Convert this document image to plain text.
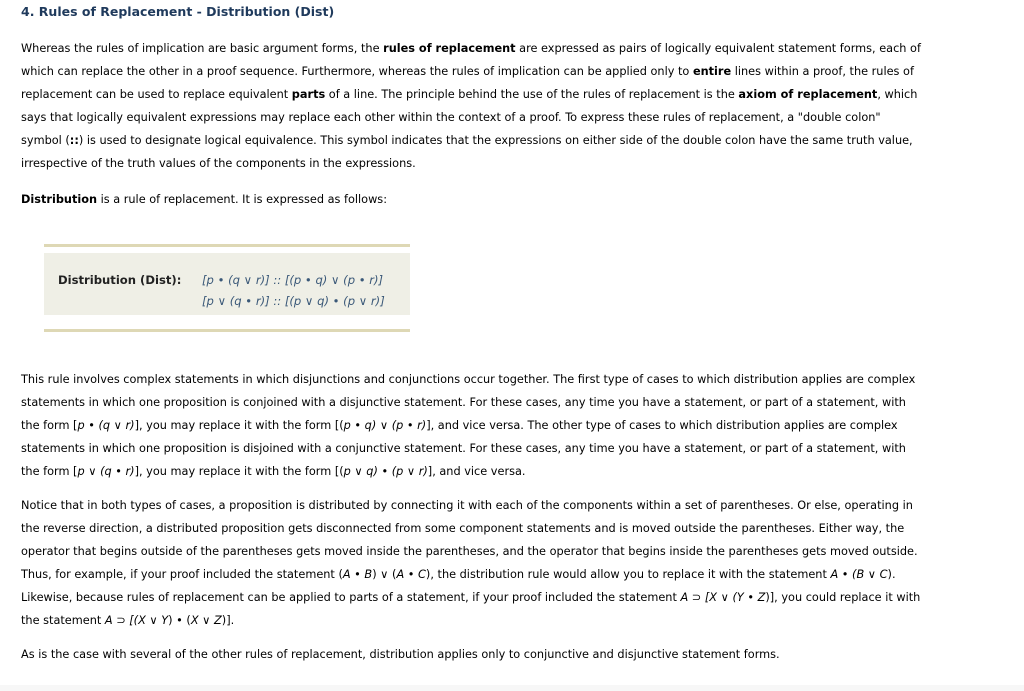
4. Rules of Replacement - Distribution (Dist)

Whereas the rules of implication are basic argument forms, the rules of replacement are expressed as pairs of logically equivalent statement forms, each of which can replace the other in a proof sequence. Furthermore, whereas the rules of implication can be applied only to entire lines within a proof, the rules of replacement can be used to replace equivalent parts of a line. The principle behind the use of the rules of replacement is the axiom of replacement, which says that logically equivalent expressions may replace each other within the context of a proof. To express these rules of replacement, a "double colon" symbol (::) is used to designate logical equivalence. This symbol indicates that the expressions on either side of the double colon have the same truth value, irrespective of the truth values of the components in the expressions.

Distribution is a rule of replacement. It is expressed as follows:

Distribution (Dist): [p • (q ∨ r)] :: [(p • q) ∨ (p • r)]

[p ∨ (q • r)] :: [(p ∨ q) • (p ∨ r)]

This rule involves complex statements in which disjunctions and conjunctions occur together. The first type of cases to which distribution applies are complex statements in which one proposition is conjoined with a disjunctive statement. For these cases, any time you have a statement, or part of a statement, with the form [p • (q ∨ r)], you may replace it with the form [(p • q) ∨ (p • r)], and vice versa. The other type of cases to which distribution applies are complex statements in which one proposition is disjoined with a conjunctive statement. For these cases, any time you have a statement, or part of a statement, with the form [p ∨ (q • r)], you may replace it with the form [(p ∨ q) • (p ∨ r)], and vice versa.

Notice that in both types of cases, a proposition is distributed by connecting it with each of the components within a set of parentheses. Or else, operating in the reverse direction, a distributed proposition gets disconnected from some component statements and is moved outside the parentheses. Either way, the operator that begins outside of the parentheses gets moved inside the parentheses, and the operator that begins inside the parentheses gets moved outside. Thus, for example, if your proof included the statement (A • B) ∨ (A • C), the distribution rule would allow you to replace it with the statement A • (B ∨ C). Likewise, because rules of replacement can be applied to parts of a statement, if your proof included the statement A ⊃ [X ∨ (Y • Z)], you could replace it with the statement A ⊃ [(X ∨ Y) • (X ∨ Z)].

As is the case with several of the other rules of replacement, distribution applies only to conjunctive and disjunctive statement forms.
